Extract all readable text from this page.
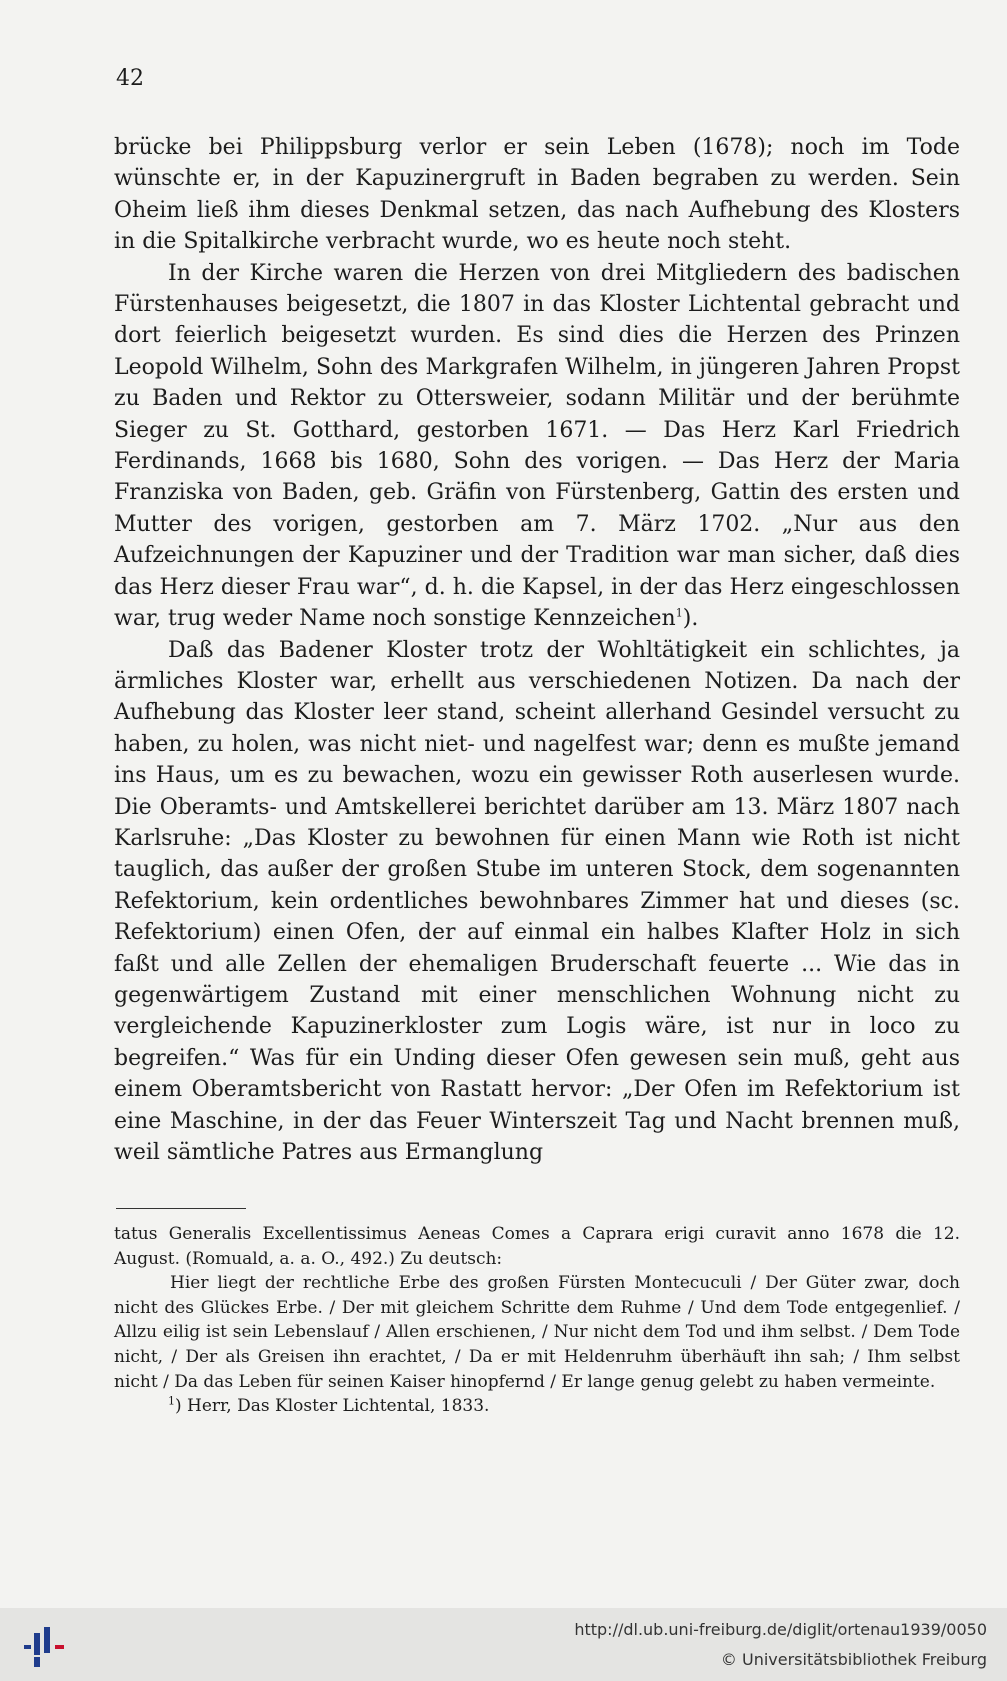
42

brücke bei Philippsburg verlor er sein Leben (1678); noch im Tode wünschte er, in der Kapuzinergruft in Baden begraben zu werden. Sein Oheim ließ ihm dieses Denkmal setzen, das nach Aufhebung des Klosters in die Spitalkirche verbracht wurde, wo es heute noch steht.

In der Kirche waren die Herzen von drei Mitgliedern des badischen Fürstenhauses beigesetzt, die 1807 in das Kloster Lichtental gebracht und dort feierlich beigesetzt wurden. Es sind dies die Herzen des Prinzen Leopold Wilhelm, Sohn des Markgrafen Wilhelm, in jüngeren Jahren Propst zu Baden und Rektor zu Ottersweier, sodann Militär und der berühmte Sieger zu St. Gotthard, gestorben 1671. — Das Herz Karl Friedrich Ferdinands, 1668 bis 1680, Sohn des vorigen. — Das Herz der Maria Franziska von Baden, geb. Gräfin von Fürstenberg, Gattin des ersten und Mutter des vorigen, gestorben am 7. März 1702. „Nur aus den Aufzeichnungen der Kapuziner und der Tradition war man sicher, daß dies das Herz dieser Frau war“, d. h. die Kapsel, in der das Herz eingeschlossen war, trug weder Name noch sonstige Kennzeichen$^1$).

Daß das Badener Kloster trotz der Wohltätigkeit ein schlichtes, ja ärmliches Kloster war, erhellt aus verschiedenen Notizen. Da nach der Aufhebung das Kloster leer stand, scheint allerhand Gesindel versucht zu haben, zu holen, was nicht niet- und nagelfest war; denn es mußte jemand ins Haus, um es zu bewachen, wozu ein gewisser Roth auserlesen wurde. Die Oberamts- und Amtskellerei berichtet darüber am 13. März 1807 nach Karlsruhe: „Das Kloster zu bewohnen für einen Mann wie Roth ist nicht tauglich, das außer der großen Stube im unteren Stock, dem sogenannten Refektorium, kein ordentliches bewohnbares Zimmer hat und dieses (sc. Refektorium) einen Ofen, der auf einmal ein halbes Klafter Holz in sich faßt und alle Zellen der ehemaligen Bruderschaft feuerte ... Wie das in gegenwärtigem Zustand mit einer menschlichen Wohnung nicht zu vergleichende Kapuzinerkloster zum Logis wäre, ist nur in loco zu begreifen.“ Was für ein Unding dieser Ofen gewesen sein muß, geht aus einem Oberamtsbericht von Rastatt hervor: „Der Ofen im Refektorium ist eine Maschine, in der das Feuer Winterszeit Tag und Nacht brennen muß, weil sämtliche Patres aus Ermanglung

tatus Generalis Excellentissimus Aeneas Comes a Caprara erigi curavit anno 1678 die 12. August. (Romuald, a. a. O., 492.) Zu deutsch:

Hier liegt der rechtliche Erbe des großen Fürsten Montecuculi / Der Güter zwar, doch nicht des Glückes Erbe. / Der mit gleichem Schritte dem Ruhme / Und dem Tode entgegenlief. / Allzu eilig ist sein Lebenslauf / Allen erschienen, / Nur nicht dem Tod und ihm selbst. / Dem Tode nicht, / Der als Greisen ihn erachtet, / Da er mit Heldenruhm überhäuft ihn sah; / Ihm selbst nicht / Da das Leben für seinen Kaiser hinopfernd / Er lange genug gelebt zu haben vermeinte.

$^1$) Herr, Das Kloster Lichtental, 1833.

http://dl.ub.uni-freiburg.de/diglit/ortenau1939/0050
© Universitätsbibliothek Freiburg
